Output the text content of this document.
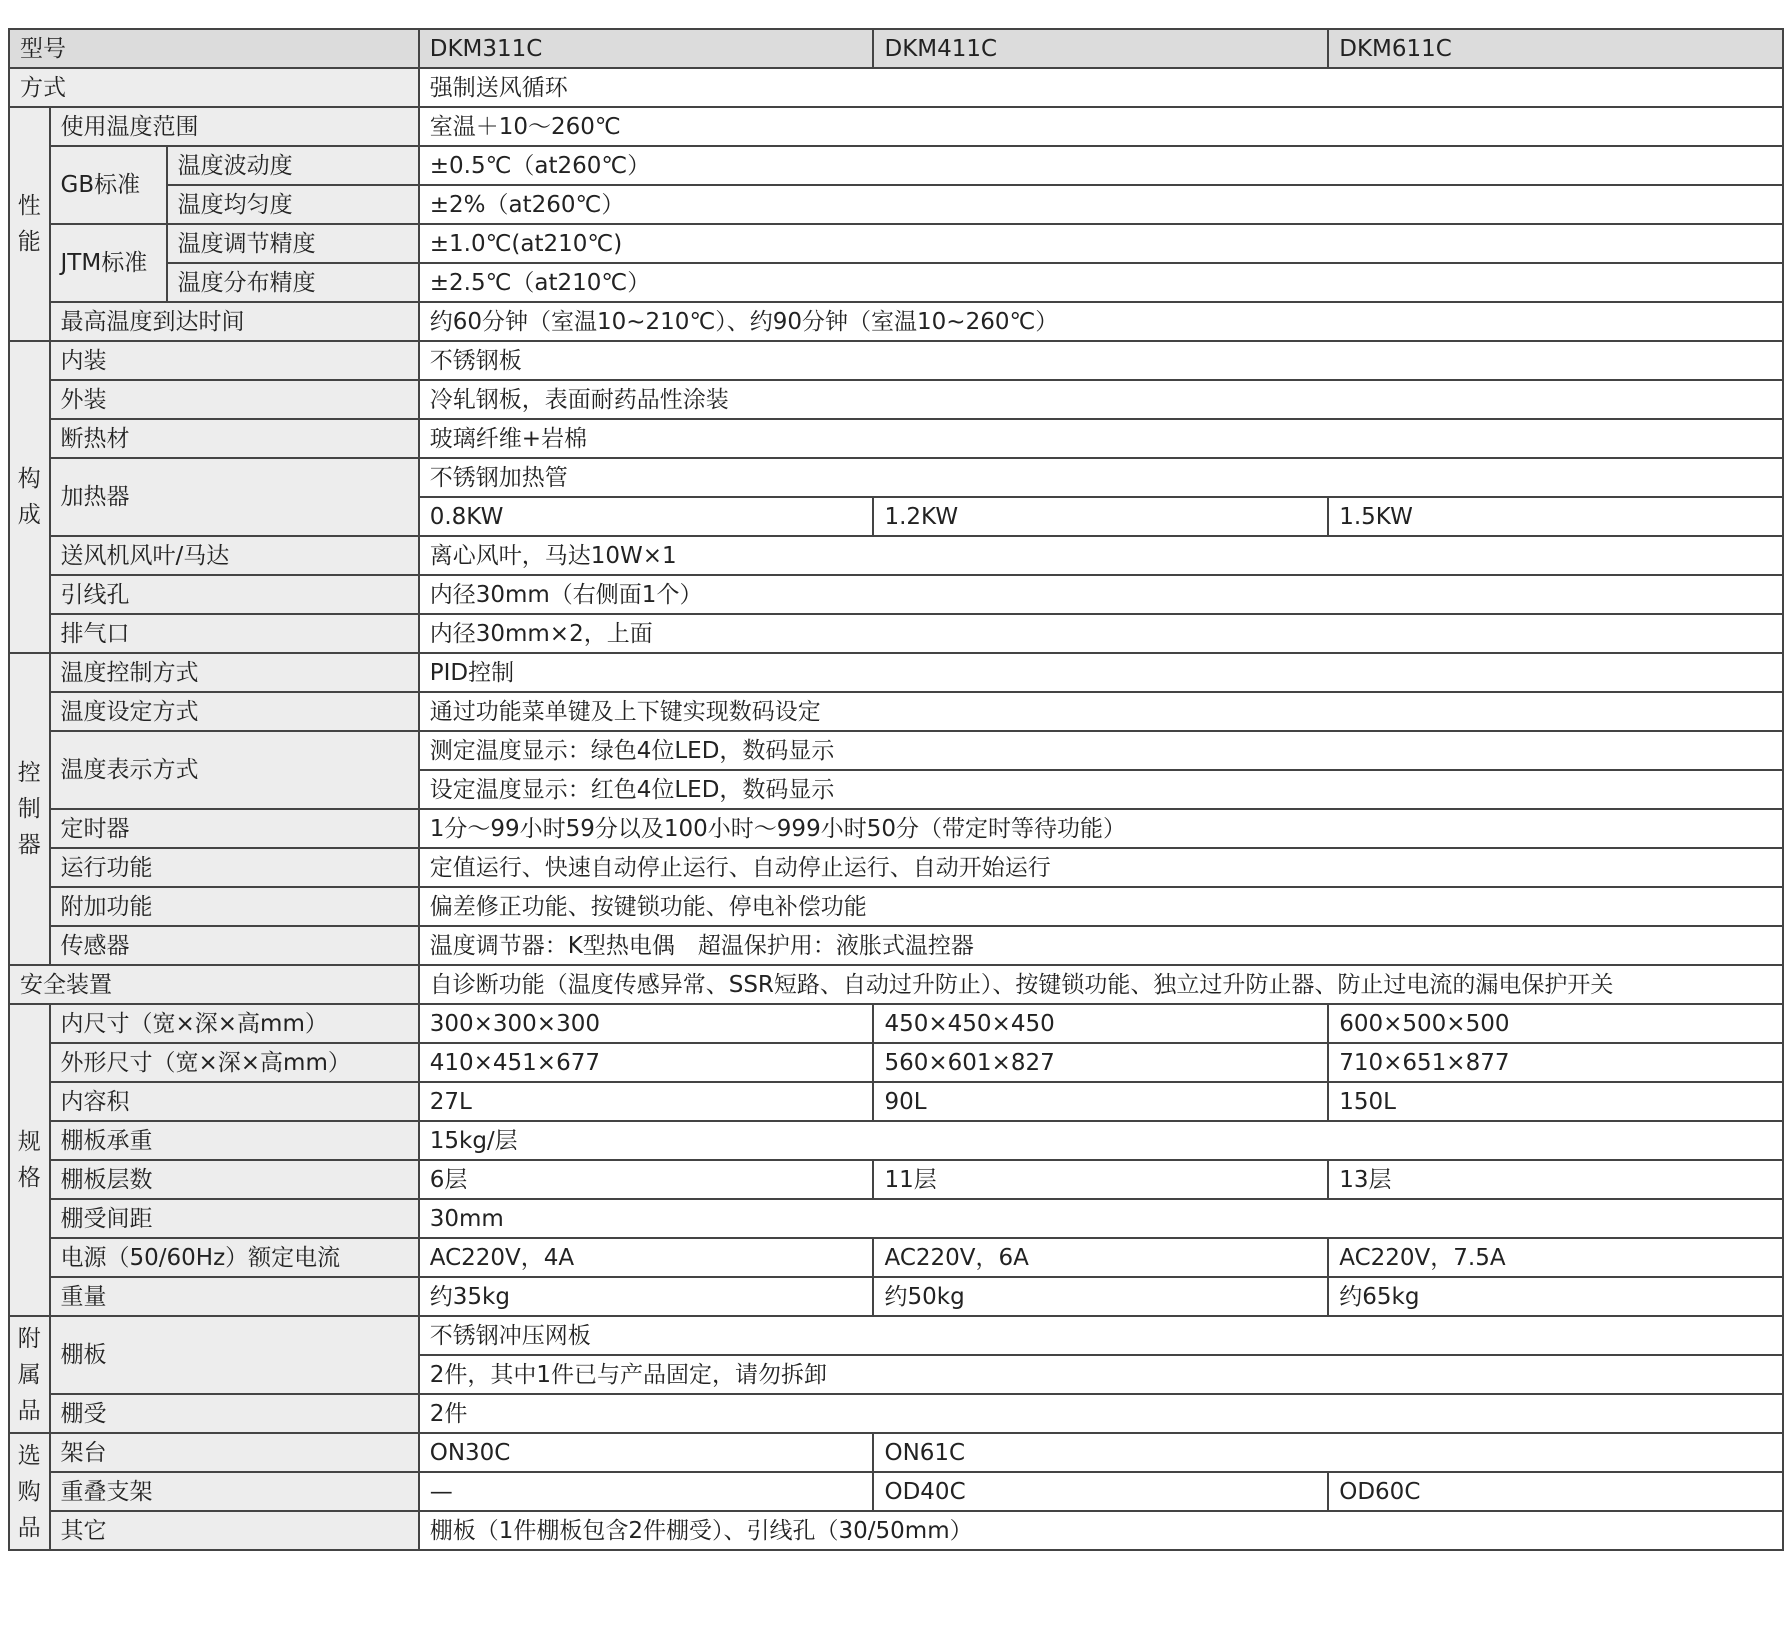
型号			DKM311C	DKM411C	DKM611C
方式			强制送风循环		
性能	使用温度范围		室温＋10～260℃		
	GB标准	温度波动度	±0.5℃（at260℃）		
		温度均匀度	±2%（at260℃）		
	JTM标准	温度调节精度	±1.0℃(at210℃)		
		温度分布精度	±2.5℃（at210℃）		
	最高温度到达时间		约60分钟（室温10~210℃）、约90分钟（室温10~260℃）		
构成	内装		不锈钢板		
	外装		冷轧钢板，表面耐药品性涂装		
	断热材		玻璃纤维+岩棉		
	加热器		不锈钢加热管		
			0.8KW	1.2KW	1.5KW
	送风机风叶/马达		离心风叶，马达10W×1		
	引线孔		内径30mm（右侧面1个）		
	排气口		内径30mm×2，上面		
控制器	温度控制方式		PID控制		
	温度设定方式		通过功能菜单键及上下键实现数码设定		
	温度表示方式		测定温度显示：绿色4位LED，数码显示		
			设定温度显示：红色4位LED，数码显示		
	定时器		1分～99小时59分以及100小时～999小时50分（带定时等待功能）		
	运行功能		定值运行、快速自动停止运行、自动停止运行、自动开始运行		
	附加功能		偏差修正功能、按键锁功能、停电补偿功能		
	传感器		温度调节器：K型热电偶　超温保护用：液胀式温控器		
安全装置			自诊断功能（温度传感异常、SSR短路、自动过升防止）、按键锁功能、独立过升防止器、防止过电流的漏电保护开关		
规格	内尺寸（宽×深×高mm）		300×300×300	450×450×450	600×500×500
	外形尺寸（宽×深×高mm）		410×451×677	560×601×827	710×651×877
	内容积		27L	90L	150L
	棚板承重		15kg/层		
	棚板层数		6层	11层	13层
	棚受间距		30mm		
	电源（50/60Hz）额定电流		AC220V，4A	AC220V，6A	AC220V，7.5A
	重量		约35kg	约50kg	约65kg
附属品	棚板		不锈钢冲压网板		
			2件，其中1件已与产品固定，请勿拆卸		
	棚受		2件		
选购品	架台		ON30C	ON61C	
	重叠支架		—	OD40C	OD60C
	其它		棚板（1件棚板包含2件棚受）、引线孔（30/50mm）		
